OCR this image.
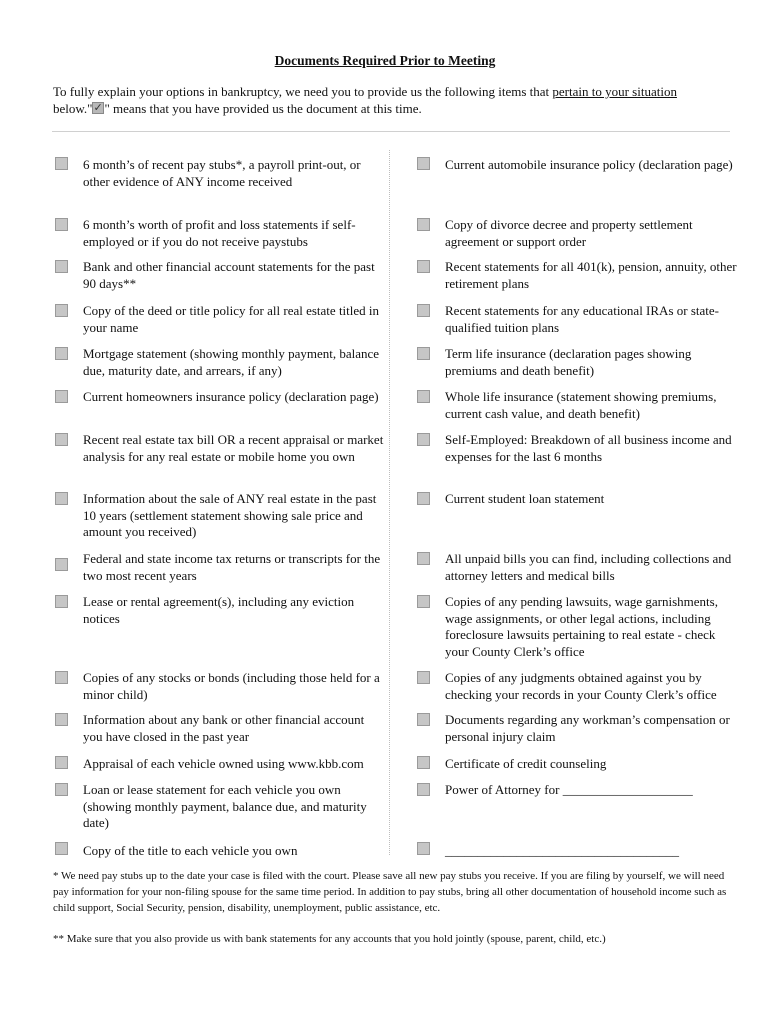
Documents Required Prior to Meeting
To fully explain your options in bankruptcy, we need you to provide us the following items that pertain to your situation below."✓ " means that you have provided us the document at this time.
6 month’s of recent pay stubs*, a payroll print-out, or other evidence of ANY income received
6 month’s worth of profit and loss statements if self-employed or if you do not receive paystubs
Bank and other financial account statements for the past 90 days**
Copy of the deed or title policy for all real estate titled in your name
Mortgage statement (showing monthly payment, balance due, maturity date, and arrears, if any)
Current homeowners insurance policy (declaration page)
Recent real estate tax bill OR a recent appraisal or market analysis for any real estate or mobile home you own
Information about the sale of ANY real estate in the past 10 years (settlement statement showing sale price and amount you received)
Federal and state income tax returns or transcripts for the two most recent years
Lease or rental agreement(s), including any eviction notices
Copies of any stocks or bonds (including those held for a minor child)
Information about any bank or other financial account you have closed in the past year
Appraisal of each vehicle owned using www.kbb.com
Loan or lease statement for each vehicle you own (showing monthly payment, balance due, and maturity date)
Copy of the title to each vehicle you own
Current automobile insurance policy (declaration page)
Copy of divorce decree and property settlement agreement or support order
Recent statements for all 401(k), pension, annuity, other retirement plans
Recent statements for any educational IRAs or state-qualified tuition plans
Term life insurance (declaration pages showing premiums and death benefit)
Whole life insurance (statement showing premiums, current cash value, and death benefit)
Self-Employed: Breakdown of all business income and expenses for the last 6 months
Current student loan statement
All unpaid bills you can find, including collections and attorney letters and medical bills
Copies of any pending lawsuits, wage garnishments, wage assignments, or other legal actions, including foreclosure lawsuits pertaining to real estate - check your County Clerk’s office
Copies of any judgments obtained against you by checking your records in your County Clerk’s office
Documents regarding any workman’s compensation or personal injury claim
Certificate of credit counseling
Power of Attorney for ____________________
____________________________________
* We need pay stubs up to the date your case is filed with the court. Please save all new pay stubs you receive. If you are filing by yourself, we will need pay information for your non-filing spouse for the same time period. In addition to pay stubs, bring all other documentation of household income such as child support, Social Security, pension, disability, unemployment, public assistance, etc.
** Make sure that you also provide us with bank statements for any accounts that you hold jointly (spouse, parent, child, etc.)
